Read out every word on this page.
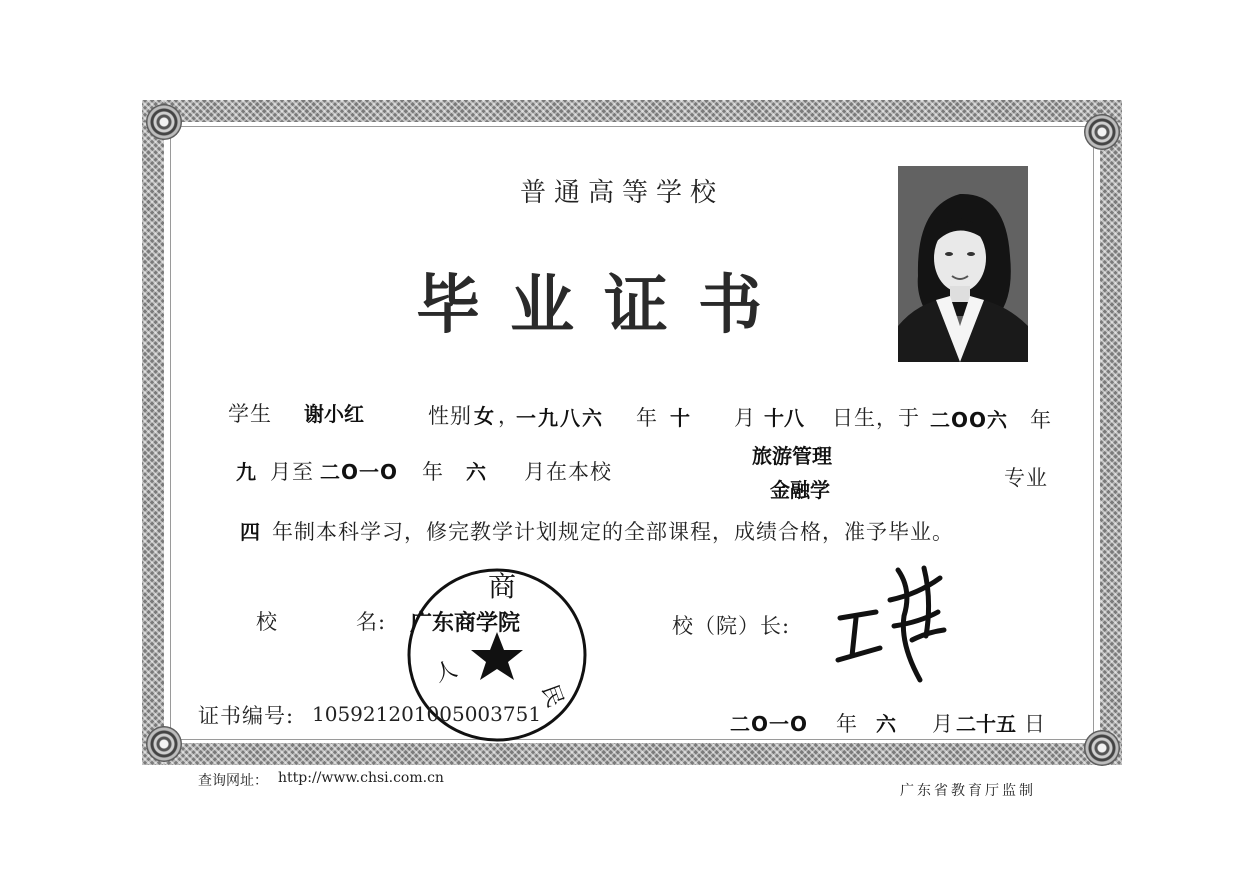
普通高等学校
毕业证书
学生 谢小红	性别 女 ，
一九八六 年 十 月 十八 日生，于 二OO六 年
九 月至 二O一O 年 六 月在本校
旅游管理
金融学	专业
四 年制本科学习，修完教学计划规定的全部课程，成绩合格，准予毕业。
商
人
民
校	名: 广东商学院	校（院）长:
证书编号: 105921201005003751	二O一O 年 六 月 二十五 日
查询网址： http://www.chsi.com.cn
广东省教育厅监制
